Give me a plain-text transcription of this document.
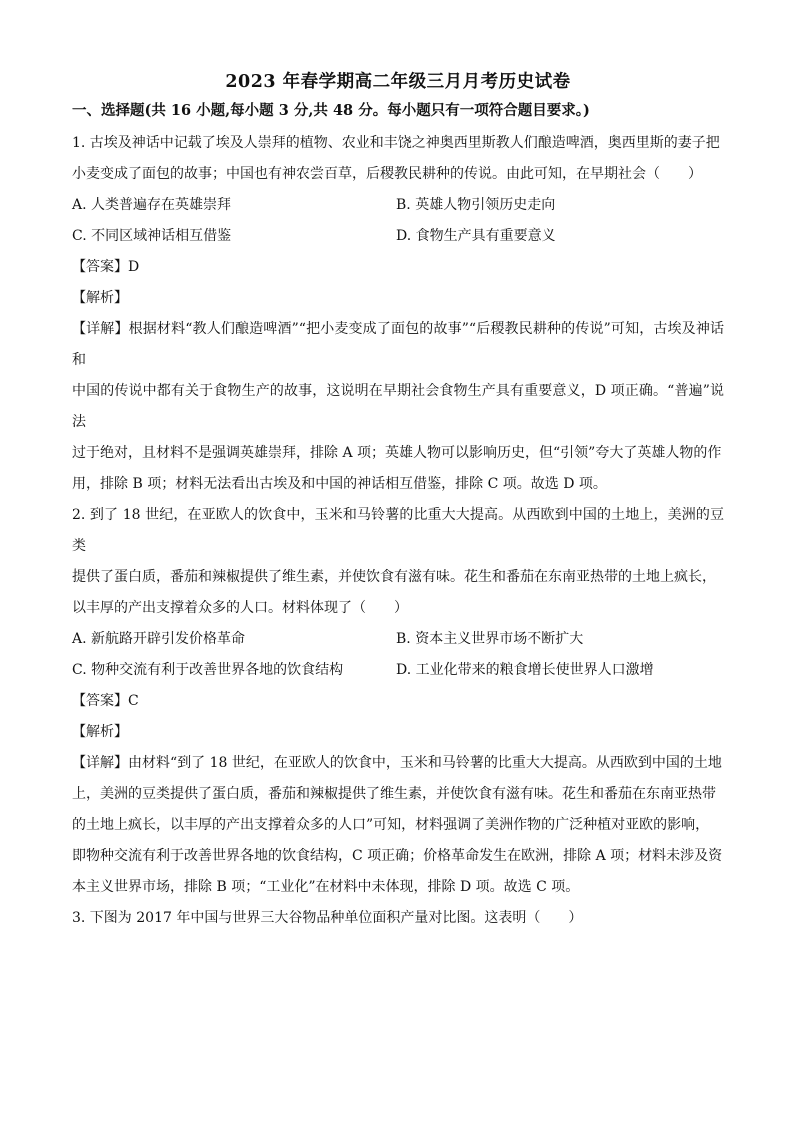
2023 年春学期高二年级三月月考历史试卷

一、选择题(共 16 小题,每小题 3 分,共 48 分。每小题只有一项符合题目要求。)

1. 古埃及神话中记载了埃及人崇拜的植物、农业和丰饶之神奥西里斯教人们酿造啤酒，奥西里斯的妻子把

小麦变成了面包的故事；中国也有神农尝百草，后稷教民耕种的传说。由此可知，在早期社会（　　）

A. 人类普遍存在英雄崇拜	B. 英雄人物引领历史走向
C. 不同区域神话相互借鉴	D. 食物生产具有重要意义

【答案】D

【解析】

【详解】根据材料“教人们酿造啤酒”“把小麦变成了面包的故事”“后稷教民耕种的传说”可知，古埃及神话和

中国的传说中都有关于食物生产的故事，这说明在早期社会食物生产具有重要意义，D 项正确。“普遍”说法

过于绝对，且材料不是强调英雄崇拜，排除 A 项；英雄人物可以影响历史，但“引领”夸大了英雄人物的作

用，排除 B 项；材料无法看出古埃及和中国的神话相互借鉴，排除 C 项。故选 D 项。

2. 到了 18 世纪，在亚欧人的饮食中，玉米和马铃薯的比重大大提高。从西欧到中国的土地上，美洲的豆类

提供了蛋白质，番茄和辣椒提供了维生素，并使饮食有滋有味。花生和番茄在东南亚热带的土地上疯长，

以丰厚的产出支撑着众多的人口。材料体现了（　　）

A. 新航路开辟引发价格革命	B. 资本主义世界市场不断扩大
C. 物种交流有利于改善世界各地的饮食结构	D. 工业化带来的粮食增长使世界人口激增

【答案】C

【解析】

【详解】由材料“到了 18 世纪，在亚欧人的饮食中，玉米和马铃薯的比重大大提高。从西欧到中国的土地

上，美洲的豆类提供了蛋白质，番茄和辣椒提供了维生素，并使饮食有滋有味。花生和番茄在东南亚热带

的土地上疯长，以丰厚的产出支撑着众多的人口”可知，材料强调了美洲作物的广泛种植对亚欧的影响，

即物种交流有利于改善世界各地的饮食结构，C 项正确；价格革命发生在欧洲，排除 A 项；材料未涉及资

本主义世界市场，排除 B 项；“工业化”在材料中未体现，排除 D 项。故选 C 项。

3. 下图为 2017 年中国与世界三大谷物品种单位面积产量对比图。这表明（　　）
